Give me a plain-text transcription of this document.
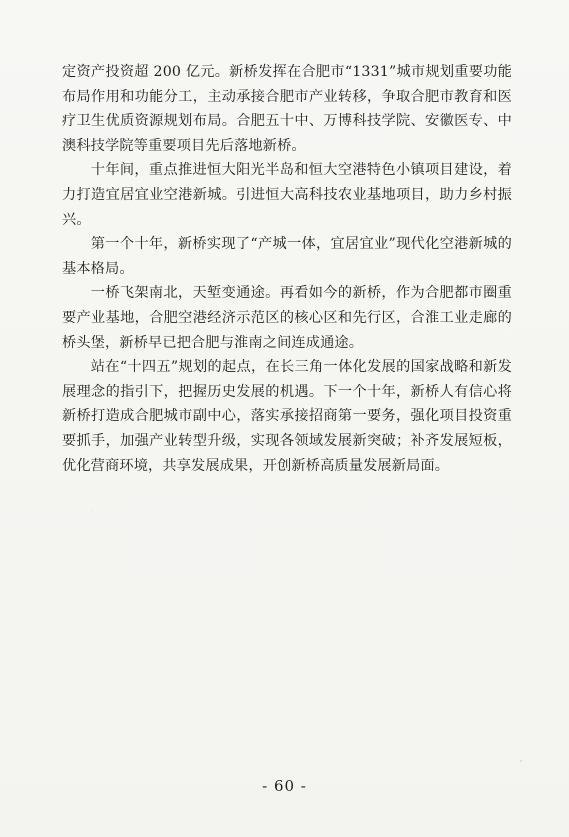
定资产投资超 200 亿元。新桥发挥在合肥市“1331”城市规划重要功能布局作用和功能分工，主动承接合肥市产业转移，争取合肥市教育和医疗卫生优质资源规划布局。合肥五十中、万博科技学院、安徽医专、中澳科技学院等重要项目先后落地新桥。

十年间，重点推进恒大阳光半岛和恒大空港特色小镇项目建设，着力打造宜居宜业空港新城。引进恒大高科技农业基地项目，助力乡村振兴。

第一个十年，新桥实现了“产城一体，宜居宜业”现代化空港新城的基本格局。

一桥飞架南北，天堑变通途。再看如今的新桥，作为合肥都市圈重要产业基地，合肥空港经济示范区的核心区和先行区，合淮工业走廊的桥头堡，新桥早已把合肥与淮南之间连成通途。

站在“十四五”规划的起点，在长三角一体化发展的国家战略和新发展理念的指引下，把握历史发展的机遇。下一个十年，新桥人有信心将新桥打造成合肥城市副中心，落实承接招商第一要务，强化项目投资重要抓手，加强产业转型升级，实现各领域发展新突破；补齐发展短板，优化营商环境，共享发展成果，开创新桥高质量发展新局面。

- 60 -
